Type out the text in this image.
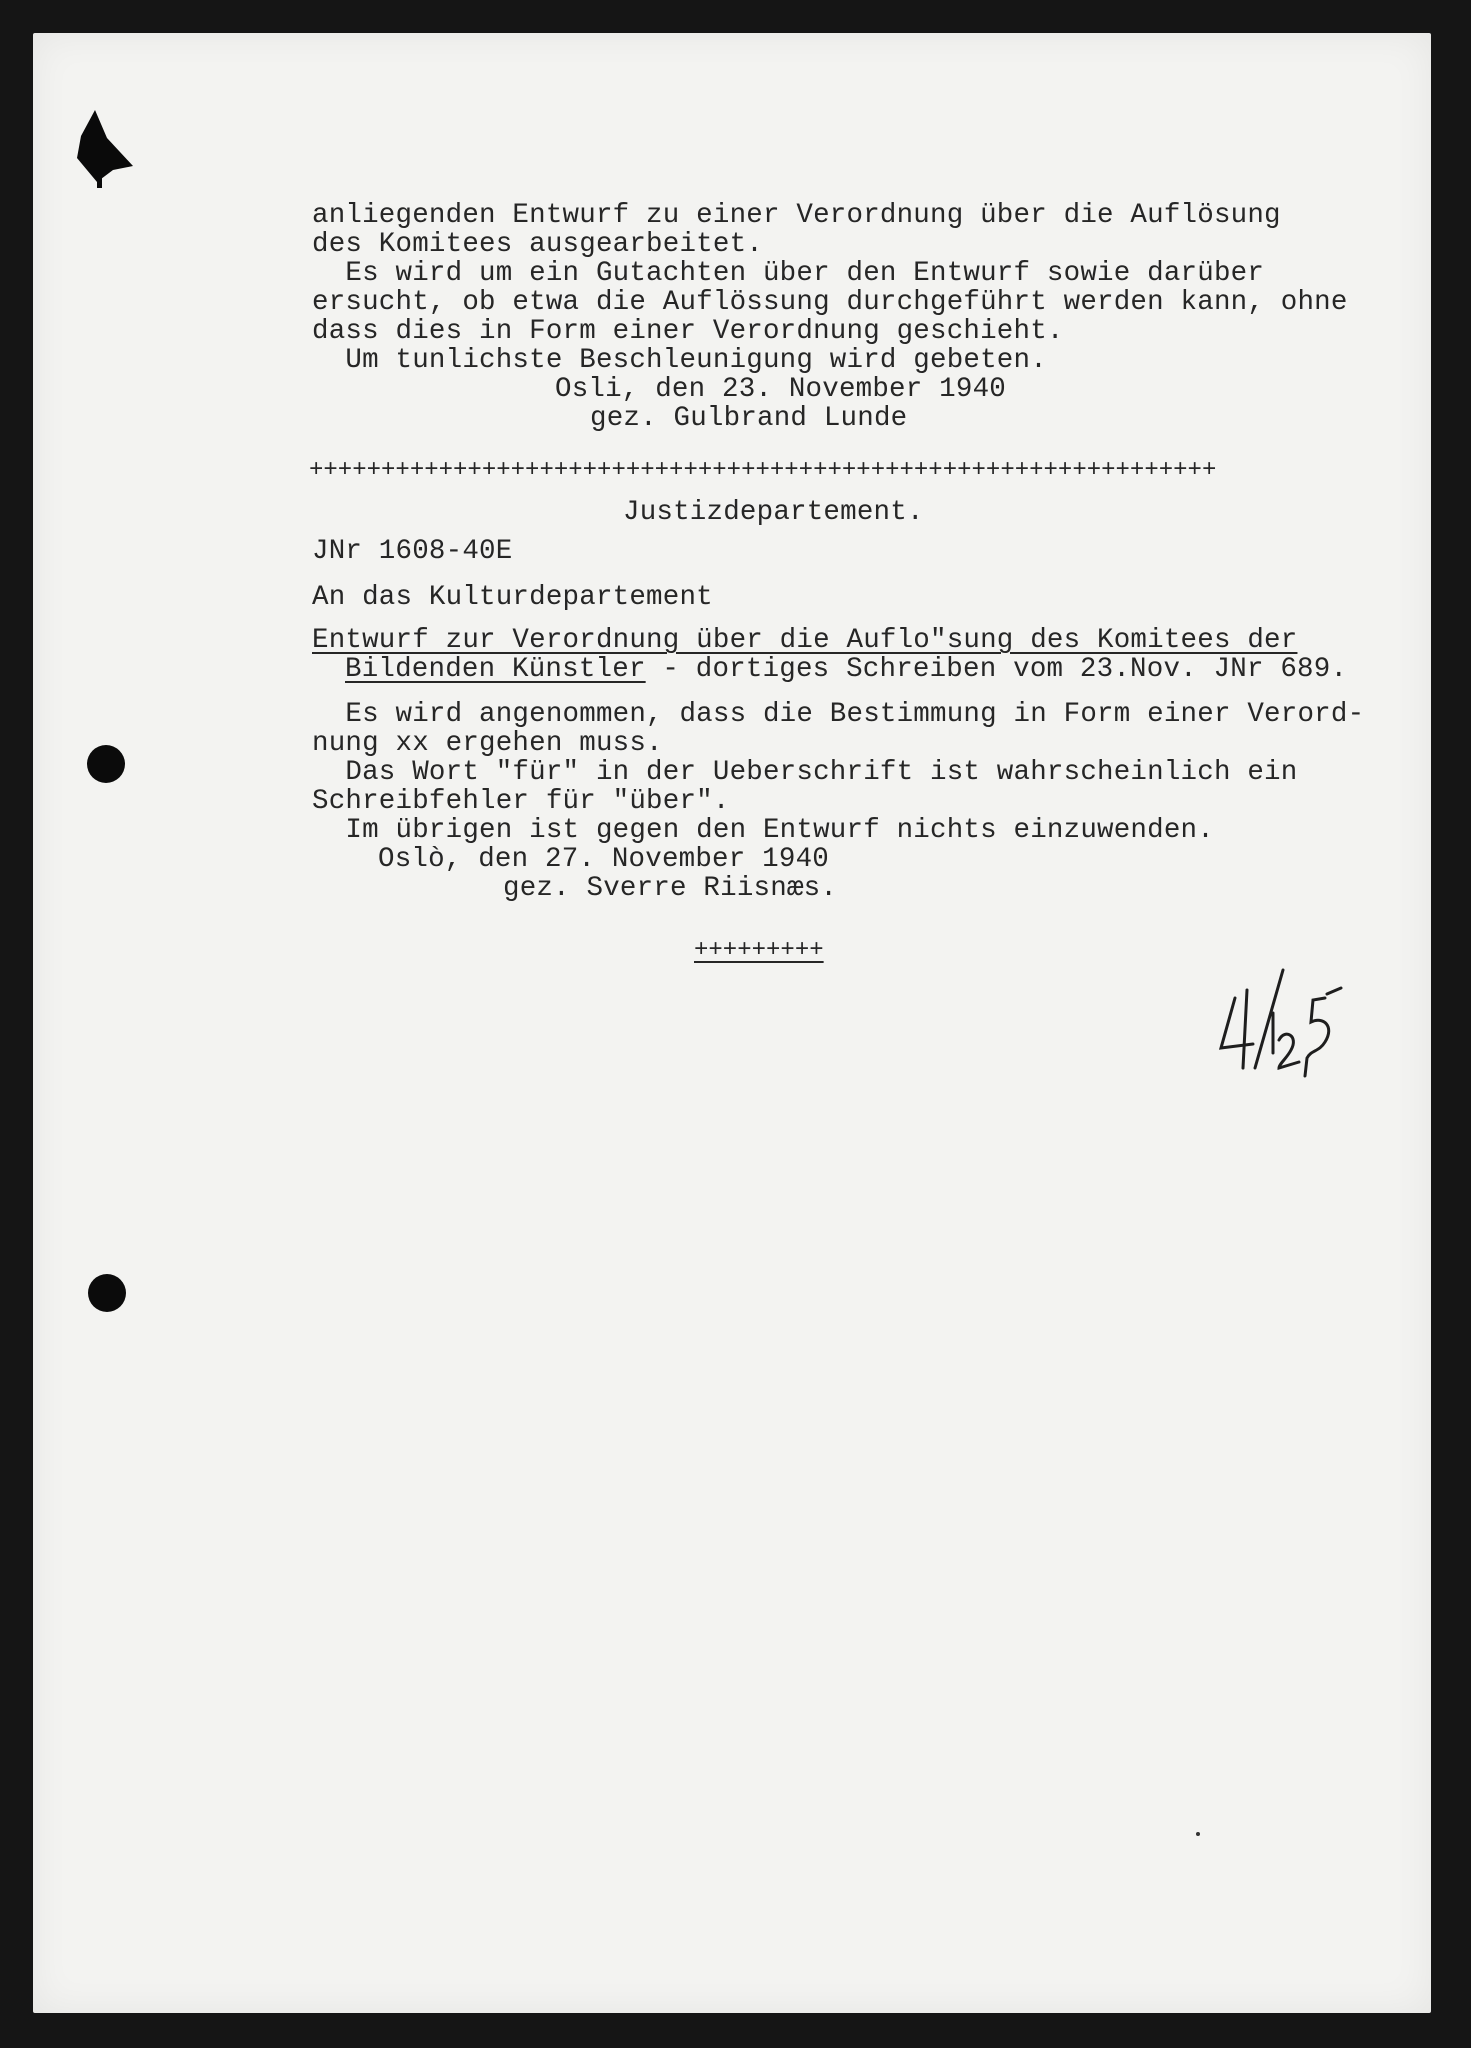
anliegenden Entwurf zu einer Verordnung über die Auflösung
des Komitees ausgearbeitet.
Es wird um ein Gutachten über den Entwurf sowie darüber
ersucht, ob etwa die Auflössung durchgeführt werden kann, ohne
dass dies in Form einer Verordnung geschieht.
Um tunlichste Beschleunigung wird gebeten.
Osli, den 23. November 1940
gez. Gulbrand Lunde
+++++++++++++++++++++++++++++++++++++++++++++++++++++++++++++++
Justizdepartement.
JNr 1608-40E
An das Kulturdepartement
Entwurf zur Verordnung über die Auflo"sung des Komitees der
Bildenden Künstler - dortiges Schreiben vom 23.Nov. JNr 689.
Es wird angenommen, dass die Bestimmung in Form einer Verord-
nung xx ergehen muss.
Das Wort "für" in der Ueberschrift ist wahrscheinlich ein
Schreibfehler für "über".
Im übrigen ist gegen den Entwurf nichts einzuwenden.
Oslò, den 27. November 1940
gez. Sverre Riisnæs.
+++++++++
